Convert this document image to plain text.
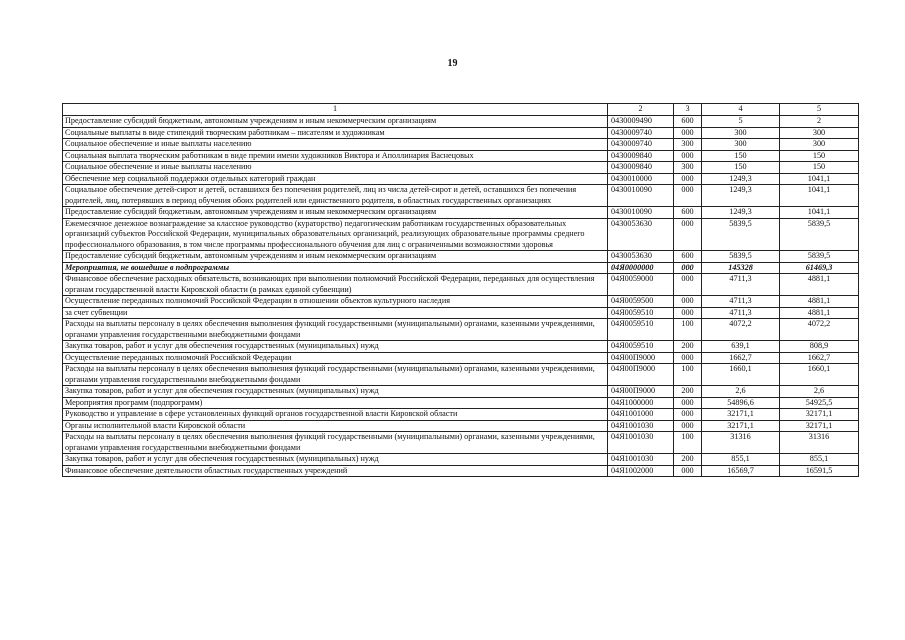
19
1	2	3	4	5
Предоставление субсидий бюджетным, автономным учреждениям и иным некоммерческим организациям	0430009490	600	5	2
Социальные выплаты в виде стипендий творческим работникам – писателям и художникам	0430009740	000	300	300
Социальное обеспечение и иные выплаты населению	0430009740	300	300	300
Социальная выплата творческим работникам в виде премии имени художников Виктора и Аполлинария Васнецовых	0430009840	000	150	150
Социальное обеспечение и иные выплаты населению	0430009840	300	150	150
Обеспечение мер социальной поддержки отдельных категорий граждан	0430010000	000	1249,3	1041,1
Социальное обеспечение детей-сирот и детей, оставшихся без попечения родителей, лиц из числа детей-сирот и детей, оставшихся без попечения родителей, лиц, потерявших в период обучения обоих родителей или единственного родителя, в областных государственных организациях	0430010090	000	1249,3	1041,1
Предоставление субсидий бюджетным, автономным учреждениям и иным некоммерческим организациям	0430010090	600	1249,3	1041,1
Ежемесячное денежное вознаграждение за классное руководство (кураторство) педагогическим работникам государственных образовательных организаций субъектов Российской Федерации, муниципальных образовательных организаций, реализующих образовательные программы среднего профессионального образования, в том числе программы профессионального обучения для лиц с ограниченными возможностями здоровья	0430053630	000	5839,5	5839,5
Предоставление субсидий бюджетным, автономным учреждениям и иным некоммерческим организациям	0430053630	600	5839,5	5839,5
Мероприятия, не вошедшие в подпрограммы	04Я0000000	000	145328	61469,3
Финансовое обеспечение расходных обязательств, возникающих при выполнении полномочий Российской Федерации, переданных для осуществления органам государственной власти Кировской области (в рамках единой субвенции)	04Я0059000	000	4711,3	4881,1
Осуществление переданных полномочий Российской Федерации в отношении объектов культурного наследия	04Я0059500	000	4711,3	4881,1
за счет субвенции	04Я0059510	000	4711,3	4881,1
Расходы на выплаты персоналу в целях обеспечения выполнения функций государственными (муниципальными) органами, казенными учреждениями, органами управления государственными внебюджетными фондами	04Я0059510	100	4072,2	4072,2
Закупка товаров, работ и услуг для обеспечения государственных (муниципальных) нужд	04Я0059510	200	639,1	808,9
Осуществление переданных полномочий Российской Федерации	04Я00П9000	000	1662,7	1662,7
Расходы на выплаты персоналу в целях обеспечения выполнения функций государственными (муниципальными) органами, казенными учреждениями, органами управления государственными внебюджетными фондами	04Я00П9000	100	1660,1	1660,1
Закупка товаров, работ и услуг для обеспечения государственных (муниципальных) нужд	04Я00П9000	200	2,6	2,6
Мероприятия программ (подпрограмм)	04Я1000000	000	54896,6	54925,5
Руководство и управление в сфере установленных функций органов государственной власти Кировской области	04Я1001000	000	32171,1	32171,1
Органы исполнительной власти Кировской области	04Я1001030	000	32171,1	32171,1
Расходы на выплаты персоналу в целях обеспечения выполнения функций государственными (муниципальными) органами, казенными учреждениями, органами управления государственными внебюджетными фондами	04Я1001030	100	31316	31316
Закупка товаров, работ и услуг для обеспечения государственных (муниципальных) нужд	04Я1001030	200	855,1	855,1
Финансовое обеспечение деятельности областных государственных учреждений	04Я1002000	000	16569,7	16591,5
